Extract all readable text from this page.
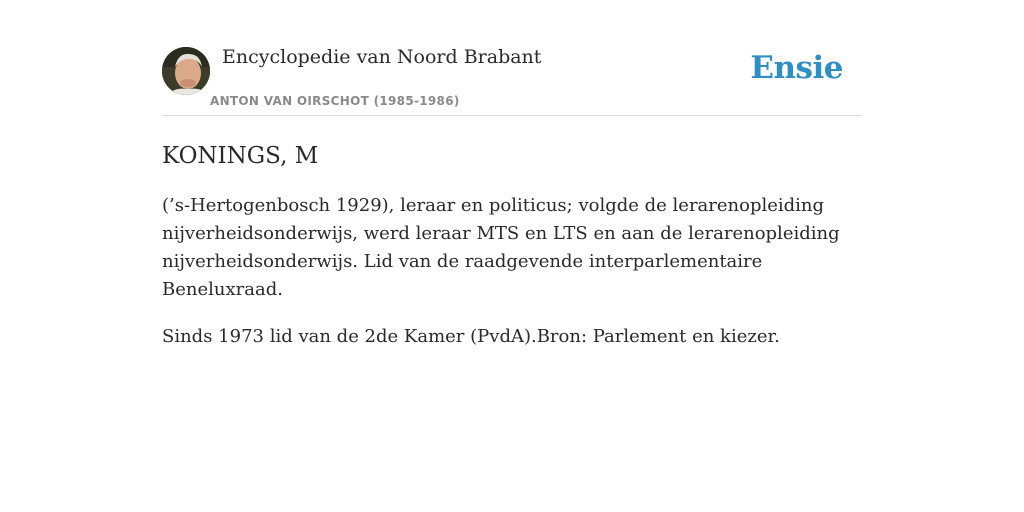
Encyclopedie van Noord Brabant
ANTON VAN OIRSCHOT (1985-1986)
Ensie
KONINGS, M

(’s-Hertogenbosch 1929), leraar en politicus; volgde de lerarenopleiding nijverheidsonderwijs, werd leraar MTS en LTS en aan de lerarenopleiding nijverheidsonderwijs. Lid van de raadgevende interparlementaire Beneluxraad.

Sinds 1973 lid van de 2de Kamer (PvdA).Bron: Parlement en kiezer.
